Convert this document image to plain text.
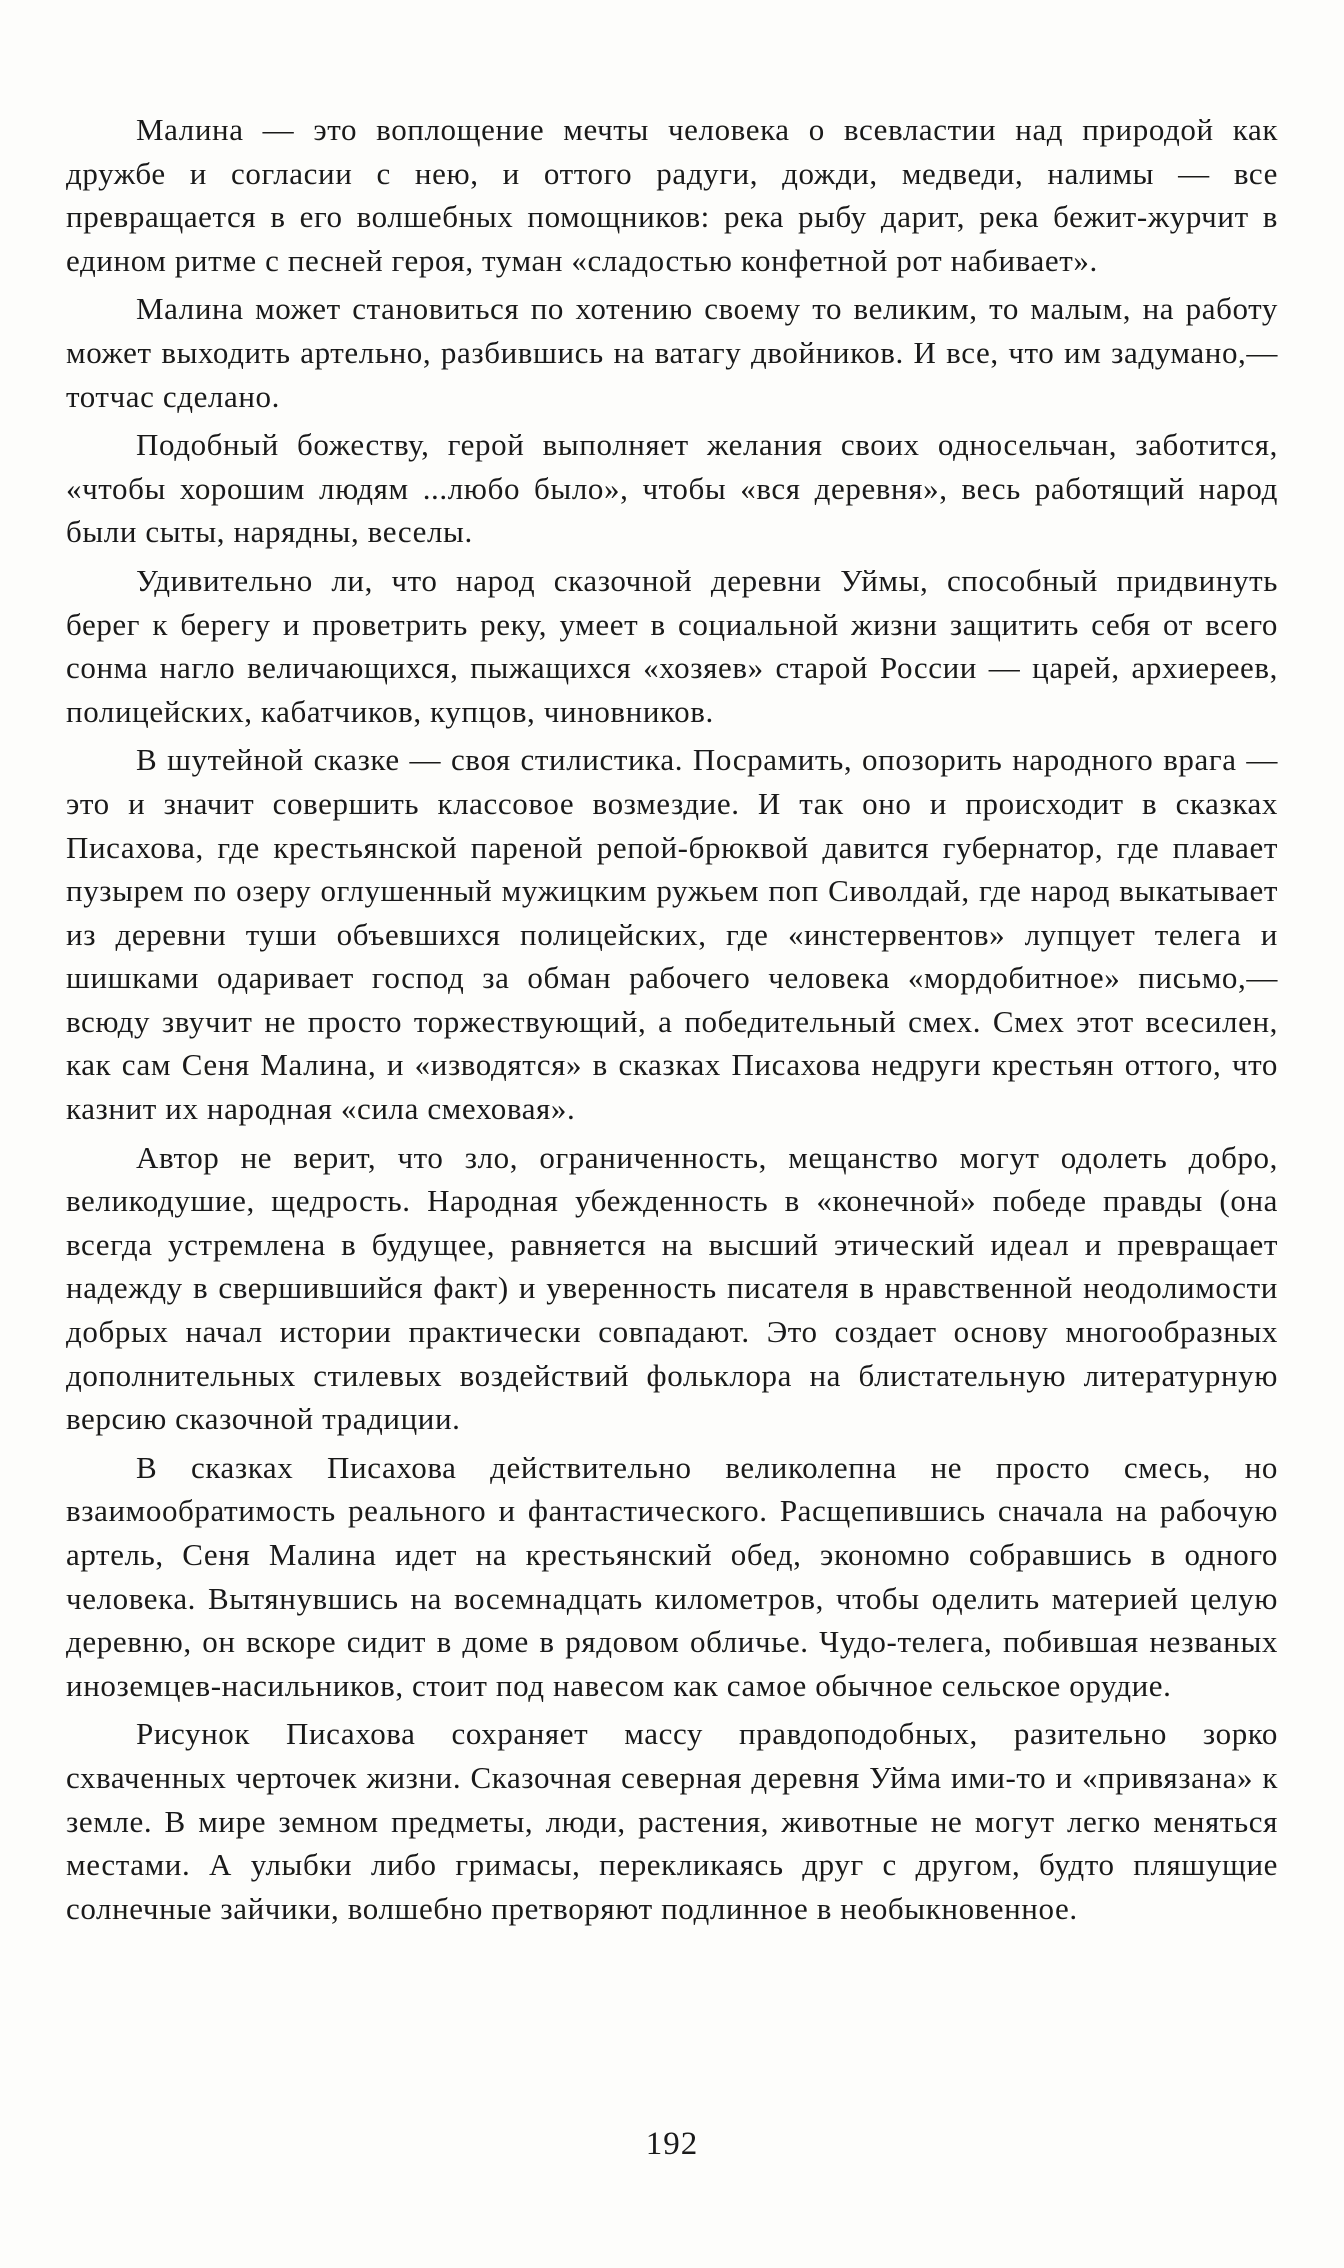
Малина — это воплощение мечты человека о всевластии над природой как дружбе и согласии с нею, и оттого радуги, дожди, медведи, налимы — все превращается в его волшебных помощников: река рыбу дарит, река бежит-журчит в едином ритме с песней героя, туман «сладостью конфетной рот набивает».

Малина может становиться по хотению своему то великим, то малым, на работу может выходить артельно, разбившись на ватагу двойников. И все, что им задумано,— тотчас сделано.

Подобный божеству, герой выполняет желания своих односельчан, заботится, «чтобы хорошим людям ...любо было», чтобы «вся деревня», весь работящий народ были сыты, нарядны, веселы.

Удивительно ли, что народ сказочной деревни Уймы, способный придвинуть берег к берегу и проветрить реку, умеет в социальной жизни защитить себя от всего сонма нагло величающихся, пыжащихся «хозяев» старой России — царей, архиереев, полицейских, кабатчиков, купцов, чиновников.

В шутейной сказке — своя стилистика. Посрамить, опозорить народного врага — это и значит совершить классовое возмездие. И так оно и происходит в сказках Писахова, где крестьянской пареной репой-брюквой давится губернатор, где плавает пузырем по озеру оглушенный мужицким ружьем поп Сиволдай, где народ выкатывает из деревни туши объевшихся полицейских, где «инстервентов» лупцует телега и шишками одаривает господ за обман рабочего человека «мордобитное» письмо,— всюду звучит не просто торжествующий, а победительный смех. Смех этот всесилен, как сам Сеня Малина, и «изводятся» в сказках Писахова недруги крестьян оттого, что казнит их народная «сила смеховая».

Автор не верит, что зло, ограниченность, мещанство могут одолеть добро, великодушие, щедрость. Народная убежденность в «конечной» победе правды (она всегда устремлена в будущее, равняется на высший этический идеал и превращает надежду в свершившийся факт) и уверенность писателя в нравственной неодолимости добрых начал истории практически совпадают. Это создает основу многообразных дополнительных стилевых воздействий фольклора на блистательную литературную версию сказочной традиции.

В сказках Писахова действительно великолепна не просто смесь, но взаимообратимость реального и фантастического. Расщепившись сначала на рабочую артель, Сеня Малина идет на крестьянский обед, экономно собравшись в одного человека. Вытянувшись на восемнадцать километров, чтобы оделить материей целую деревню, он вскоре сидит в доме в рядовом обличье. Чудо-телега, побившая незваных иноземцев-насильников, стоит под навесом как самое обычное сельское орудие.

Рисунок Писахова сохраняет массу правдоподобных, разительно зорко схваченных черточек жизни. Сказочная северная деревня Уйма ими-то и «привязана» к земле. В мире земном предметы, люди, растения, животные не могут легко меняться местами. А улыбки либо гримасы, перекликаясь друг с другом, будто пляшущие солнечные зайчики, волшебно претворяют подлинное в необыкновенное.

192
